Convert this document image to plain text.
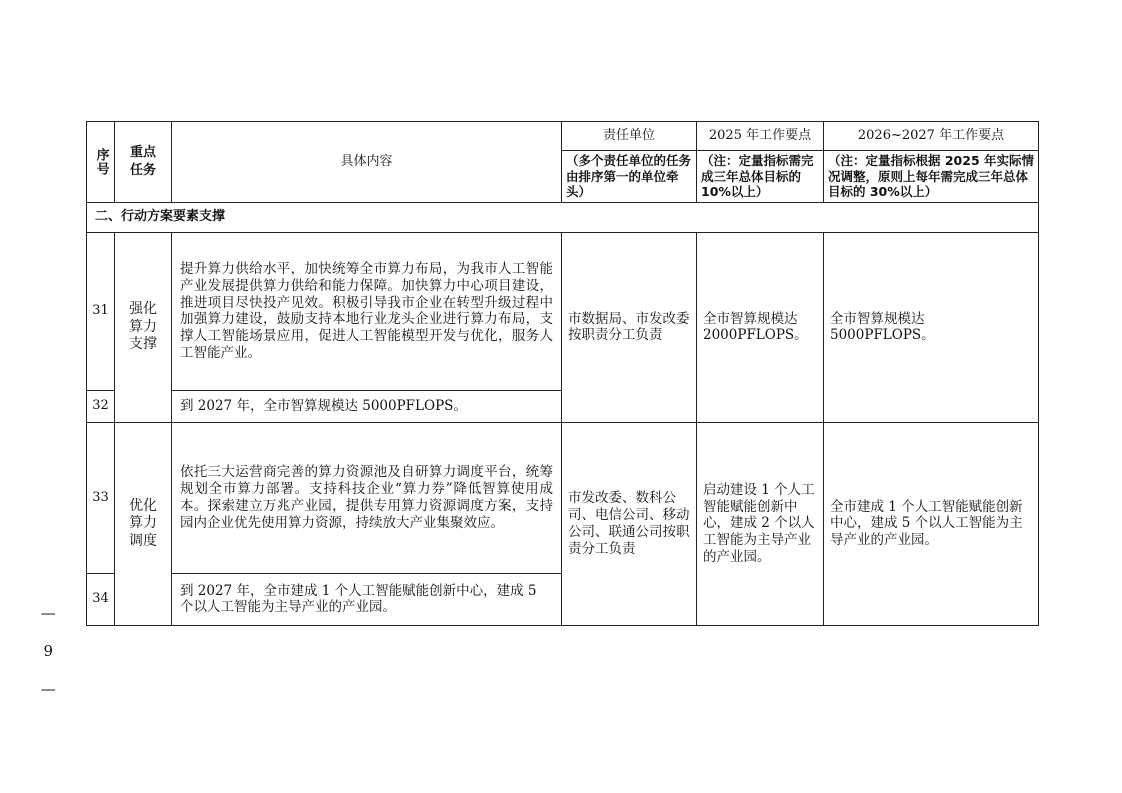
序号	重点任务	具体内容	责任单位	2025 年工作要点	2026~2027 年工作要点
			（多个责任单位的任务由排序第一的单位牵头）	（注：定量指标需完成三年总体目标的 10%以上）	（注：定量指标根据 2025 年实际情况调整，原则上每年需完成三年总体目标的 30%以上）
二、行动方案要素支撑					
31	强化算力支撑	提升算力供给水平，加快统筹全市算力布局，为我市人工智能产业发展提供算力供给和能力保障。加快算力中心项目建设，推进项目尽快投产见效。积极引导我市企业在转型升级过程中加强算力建设，鼓励支持本地行业龙头企业进行算力布局，支撑人工智能场景应用，促进人工智能模型开发与优化，服务人工智能产业。	市数据局、市发改委按职责分工负责	全市智算规模达2000PFLOPS。	全市智算规模达 5000PFLOPS。
32		到 2027 年，全市智算规模达 5000PFLOPS。			
33	优化算力调度	依托三大运营商完善的算力资源池及自研算力调度平台，统筹规划全市算力部署。支持科技企业“算力券”降低智算使用成本。探索建立万兆产业园，提供专用算力资源调度方案，支持园内企业优先使用算力资源，持续放大产业集聚效应。	市发改委、数科公司、电信公司、移动公司、联通公司按职责分工负责	启动建设 1 个人工智能赋能创新中心，建成 2 个以人工智能为主导产业的产业园。	全市建成 1 个人工智能赋能创新中心，建成 5 个以人工智能为主导产业的产业园。
34		到 2027 年，全市建成 1 个人工智能赋能创新中心，建成 5 个以人工智能为主导产业的产业园。			
— 9 —
